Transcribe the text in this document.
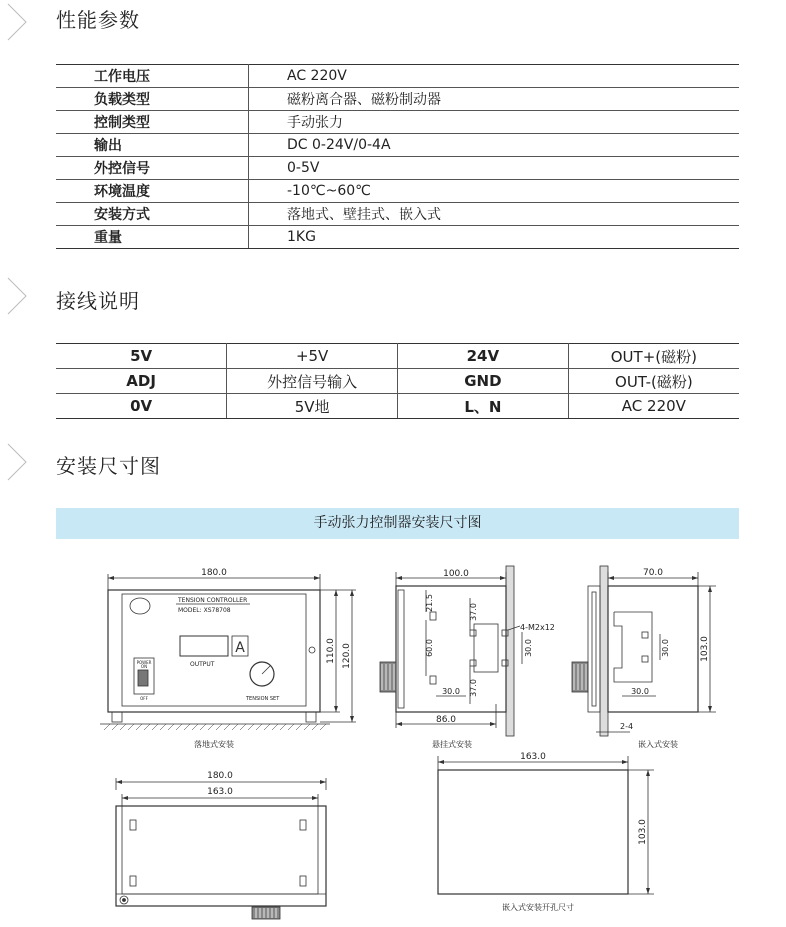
性能参数
工作电压	AC 220V
负载类型	磁粉离合器、磁粉制动器
控制类型	手动张力
输出	DC 0-24V/0-4A
外控信号	0-5V
环境温度	-10℃~60℃
安装方式	落地式、壁挂式、嵌入式
重量	1KG
接线说明
5V	+5V	24V	OUT+(磁粉)
ADJ	外控信号输入	GND	OUT-(磁粉)
0V	5V地	L、N	AC 220V
安装尺寸图
手动张力控制器安装尺寸图
180.0
TENSION CONTROLLER
MODEL: XS78708
A
OUTPUT
TENSION SET
POWER
ON
OFF
110.0 120.0
落地式安装
100.0
21.5
37.0
60.0
37.0
30.0
30.0
4-M2x12
86.0
悬挂式安装
70.0
30.0
30.0
103.0
2-4
嵌入式安装
180.0
163.0
163.0
103.0
嵌入式安装开孔尺寸
